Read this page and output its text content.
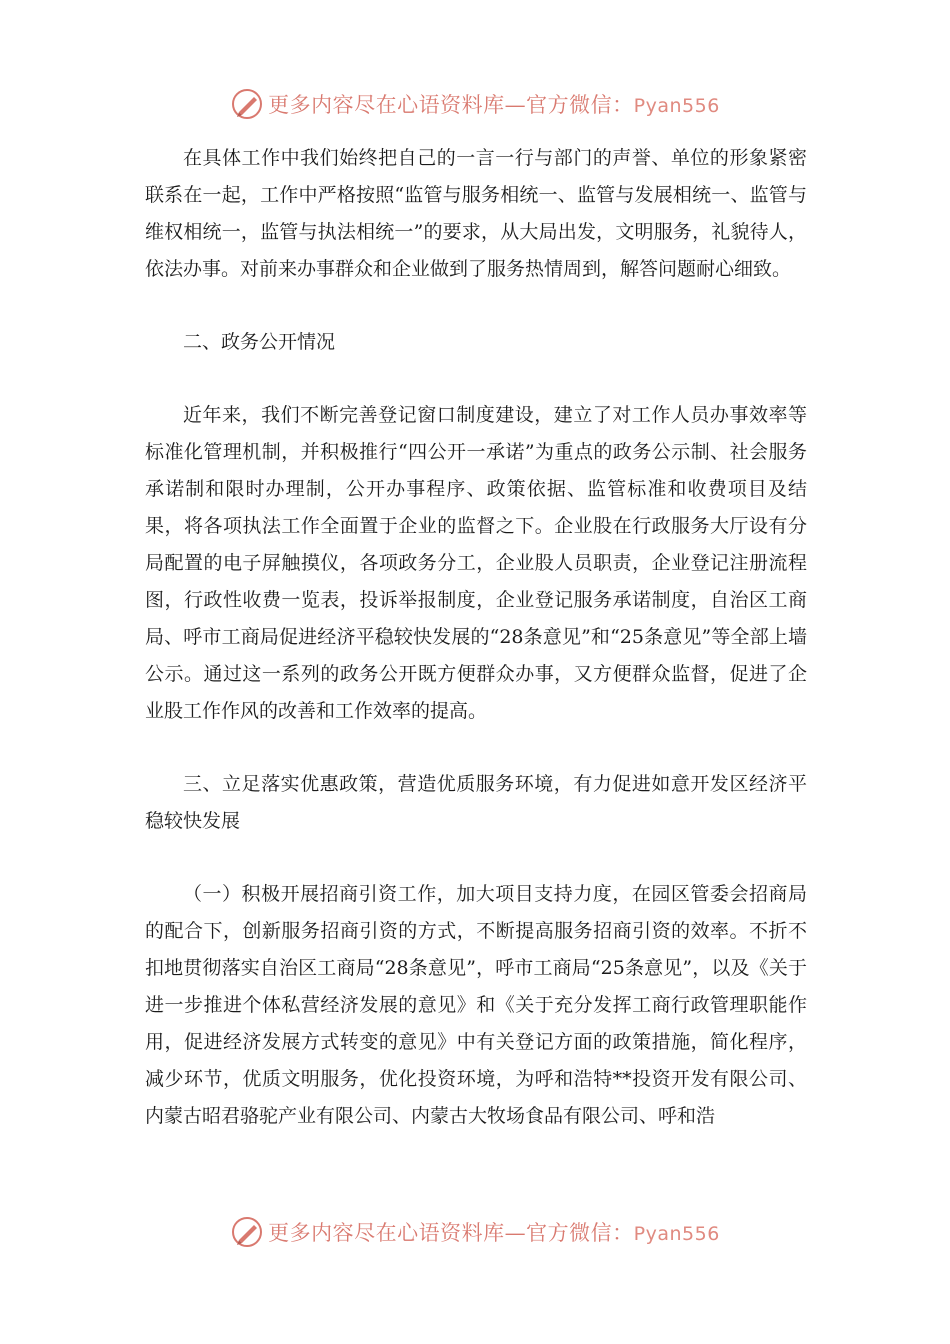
更多内容尽在心语资料库—官方微信：Pyan556

在具体工作中我们始终把自己的一言一行与部门的声誉、单位的形象紧密联系在一起，工作中严格按照“监管与服务相统一、监管与发展相统一、监管与维权相统一，监管与执法相统一”的要求，从大局出发，文明服务，礼貌待人，依法办事。对前来办事群众和企业做到了服务热情周到，解答问题耐心细致。

二、政务公开情况

近年来，我们不断完善登记窗口制度建设，建立了对工作人员办事效率等标准化管理机制，并积极推行“四公开一承诺”为重点的政务公示制、社会服务承诺制和限时办理制，公开办事程序、政策依据、监管标准和收费项目及结果，将各项执法工作全面置于企业的监督之下。企业股在行政服务大厅设有分局配置的电子屏触摸仪，各项政务分工，企业股人员职责，企业登记注册流程图，行政性收费一览表，投诉举报制度，企业登记服务承诺制度，自治区工商局、呼市工商局促进经济平稳较快发展的“28条意见”和“25条意见”等全部上墙公示。通过这一系列的政务公开既方便群众办事，又方便群众监督，促进了企业股工作作风的改善和工作效率的提高。

三、立足落实优惠政策，营造优质服务环境，有力促进如意开发区经济平稳较快发展

（一）积极开展招商引资工作，加大项目支持力度，在园区管委会招商局的配合下，创新服务招商引资的方式，不断提高服务招商引资的效率。不折不扣地贯彻落实自治区工商局“28条意见”，呼市工商局“25条意见”，以及《关于进一步推进个体私营经济发展的意见》和《关于充分发挥工商行政管理职能作用，促进经济发展方式转变的意见》中有关登记方面的政策措施，简化程序，减少环节，优质文明服务，优化投资环境，为呼和浩特**投资开发有限公司、内蒙古昭君骆驼产业有限公司、内蒙古大牧场食品有限公司、呼和浩

更多内容尽在心语资料库—官方微信：Pyan556
